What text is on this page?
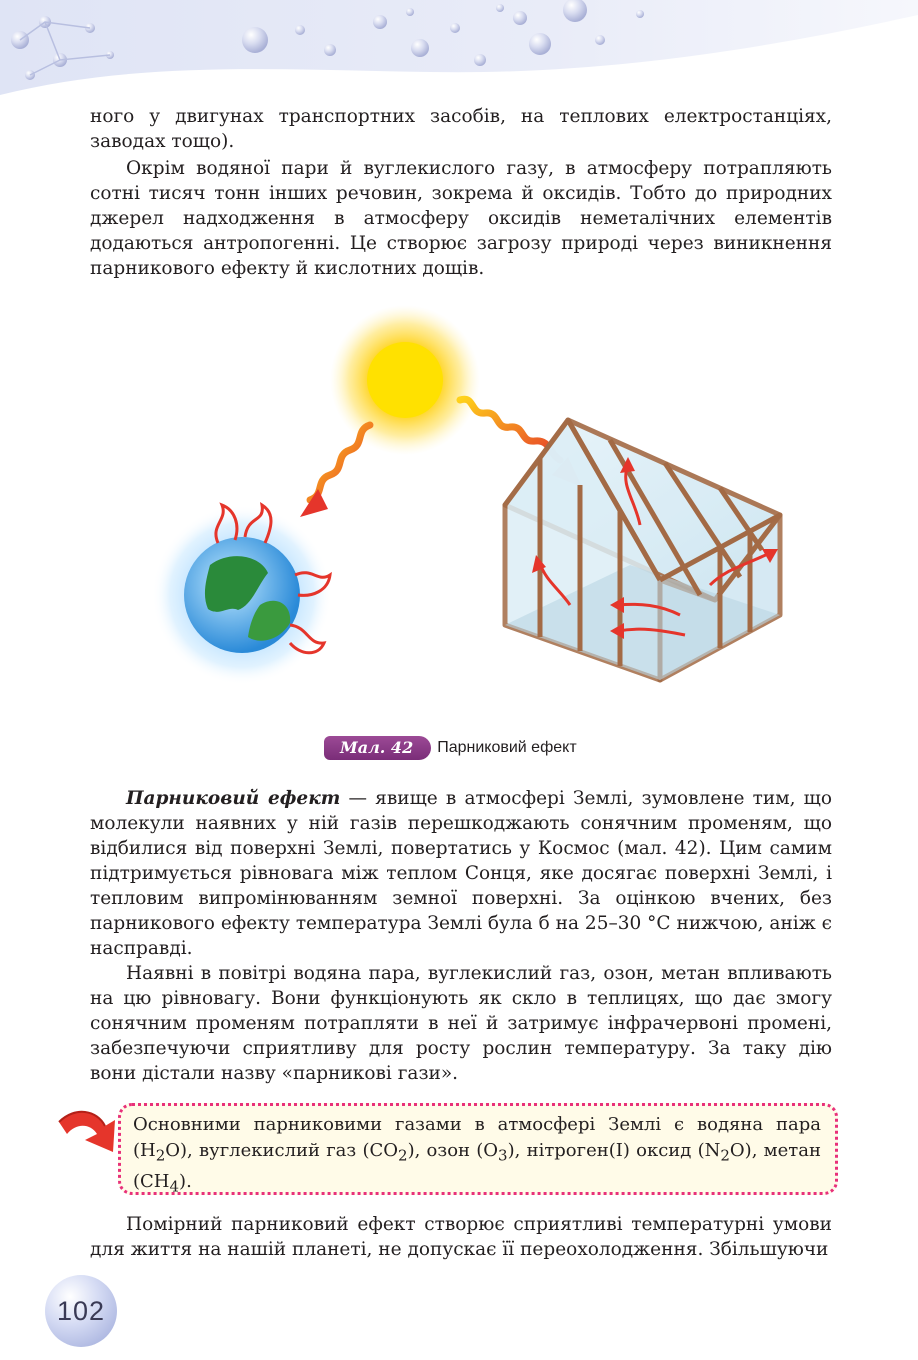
ного у двигунах транспортних засобів, на теплових електростанціях, заводах тощо).

Окрім водяної пари й вуглекислого газу, в атмосферу потрапляють сотні тисяч тонн інших речовин, зокрема й оксидів. Тобто до природних джерел надходження в атмосферу оксидів неметалічних елементів додаються антропогенні. Це створює загрозу природі через виникнення парникового ефекту й кислотних дощів.

Мал. 42	Парниковий ефект

Парниковий ефект — явище в атмосфері Землі, зумовлене тим, що молекули наявних у ній газів перешкоджають сонячним променям, що відбилися від поверхні Землі, повертатись у Космос (мал. 42). Цим самим підтримується рівновага між теплом Сонця, яке досягає поверхні Землі, і тепловим випромінюванням земної поверхні. За оцінкою вчених, без парникового ефекту температура Землі була б на 25–30 °С нижчою, аніж є насправді.

Наявні в повітрі водяна пара, вуглекислий газ, озон, метан впливають на цю рівновагу. Вони функціонують як скло в теплицях, що дає змогу сонячним променям потрапляти в неї й затримує інфрачервоні промені, забезпечуючи сприятливу для росту рослин температуру. За таку дію вони дістали назву «парникові гази».

Основними парниковими газами в атмосфері Землі є водяна пара $(H_2O)$, вуглекислий газ $(CO_2)$, озон $(O_3)$, нітроген(І) оксид $(N_2O)$, метан $(CH_4)$.

Помірний парниковий ефект створює сприятливі температурні умови для життя на нашій планеті, не допускає її переохолодження. Збільшуючи

102
